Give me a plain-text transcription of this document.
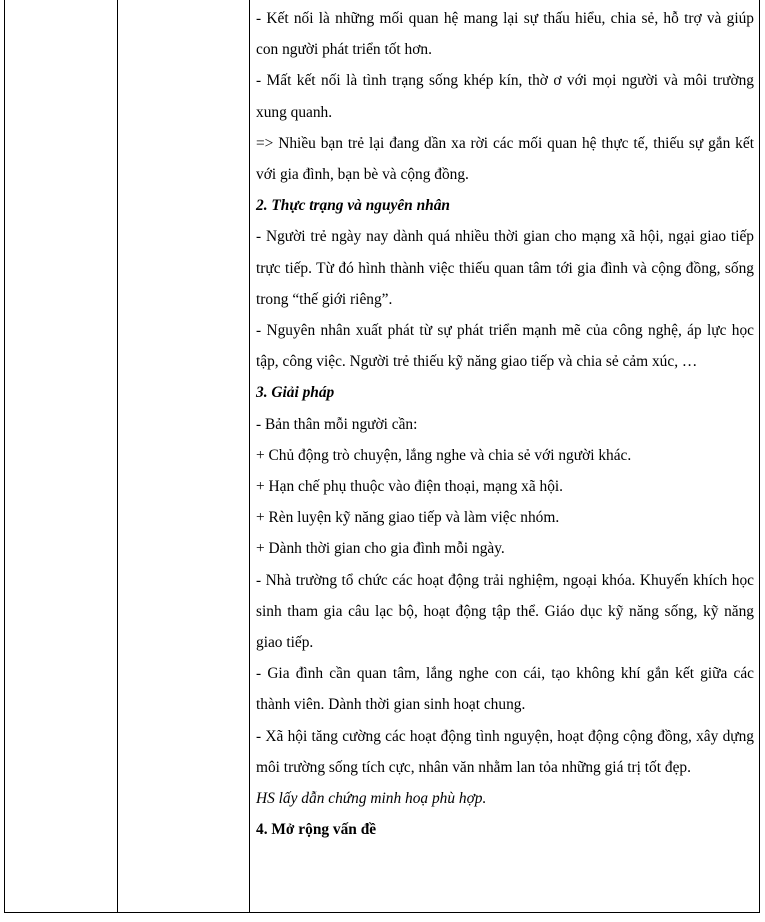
- Kết nối là những mối quan hệ mang lại sự thấu hiểu, chia sẻ, hỗ trợ và giúp con người phát triển tốt hơn.

- Mất kết nối là tình trạng sống khép kín, thờ ơ với mọi người và môi trường xung quanh.

=> Nhiều bạn trẻ lại đang dần xa rời các mối quan hệ thực tế, thiếu sự gắn kết với gia đình, bạn bè và cộng đồng.

2. Thực trạng và nguyên nhân

- Người trẻ ngày nay dành quá nhiều thời gian cho mạng xã hội, ngại giao tiếp trực tiếp. Từ đó hình thành việc thiếu quan tâm tới gia đình và cộng đồng, sống trong “thế giới riêng”.

- Nguyên nhân xuất phát từ sự phát triển mạnh mẽ của công nghệ, áp lực học tập, công việc. Người trẻ thiếu kỹ năng giao tiếp và chia sẻ cảm xúc, …

3. Giải pháp

- Bản thân mỗi người cần:

+ Chủ động trò chuyện, lắng nghe và chia sẻ với người khác.

+ Hạn chế phụ thuộc vào điện thoại, mạng xã hội.

+ Rèn luyện kỹ năng giao tiếp và làm việc nhóm.

+ Dành thời gian cho gia đình mỗi ngày.

- Nhà trường tổ chức các hoạt động trải nghiệm, ngoại khóa. Khuyến khích học sinh tham gia câu lạc bộ, hoạt động tập thể. Giáo dục kỹ năng sống, kỹ năng giao tiếp.

- Gia đình cần quan tâm, lắng nghe con cái, tạo không khí gắn kết giữa các thành viên. Dành thời gian sinh hoạt chung.

- Xã hội tăng cường các hoạt động tình nguyện, hoạt động cộng đồng, xây dựng môi trường sống tích cực, nhân văn nhằm lan tỏa những giá trị tốt đẹp.

HS lấy dẫn chứng minh hoạ phù hợp.

4. Mở rộng vấn đề
